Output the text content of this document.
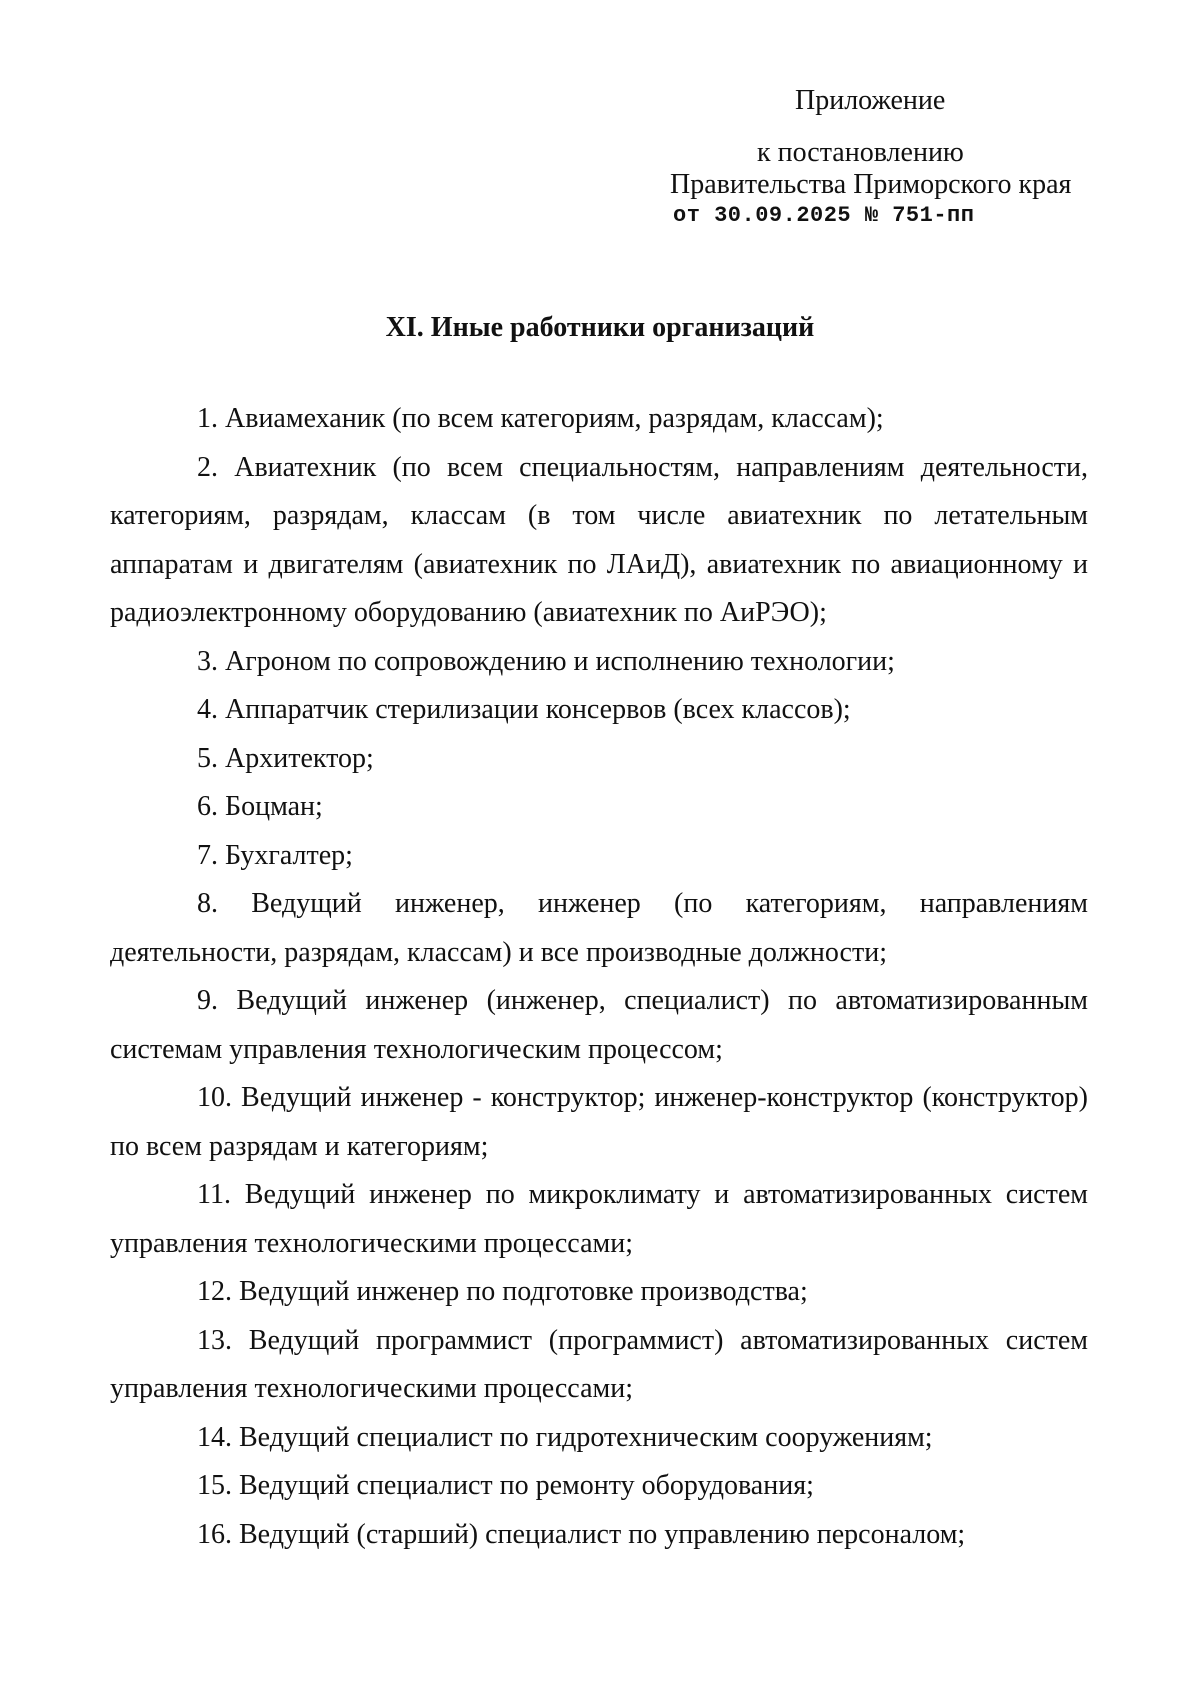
Приложение
к постановлению
Правительства Приморского края
от 30.09.2025 № 751-пп
XI. Иные работники организаций

1. Авиамеханик (по всем категориям, разрядам, классам);

2. Авиатехник (по всем специальностям, направлениям деятельности, категориям, разрядам, классам (в том числе авиатехник по летательным аппаратам и двигателям (авиатехник по ЛАиД), авиатехник по авиационному и радиоэлектронному оборудованию (авиатехник по АиРЭО);

3. Агроном по сопровождению и исполнению технологии;

4. Аппаратчик стерилизации консервов (всех классов);

5. Архитектор;

6. Боцман;

7. Бухгалтер;

8. Ведущий инженер, инженер (по категориям, направлениям деятельности, разрядам, классам) и все производные должности;

9. Ведущий инженер (инженер, специалист) по автоматизированным системам управления технологическим процессом;

10. Ведущий инженер - конструктор; инженер-конструктор (конструктор) по всем разрядам и категориям;

11. Ведущий инженер по микроклимату и автоматизированных систем управления технологическими процессами;

12. Ведущий инженер по подготовке производства;

13. Ведущий программист (программист) автоматизированных систем управления технологическими процессами;

14. Ведущий специалист по гидротехническим сооружениям;

15. Ведущий специалист по ремонту оборудования;

16. Ведущий (старший) специалист по управлению персоналом;
